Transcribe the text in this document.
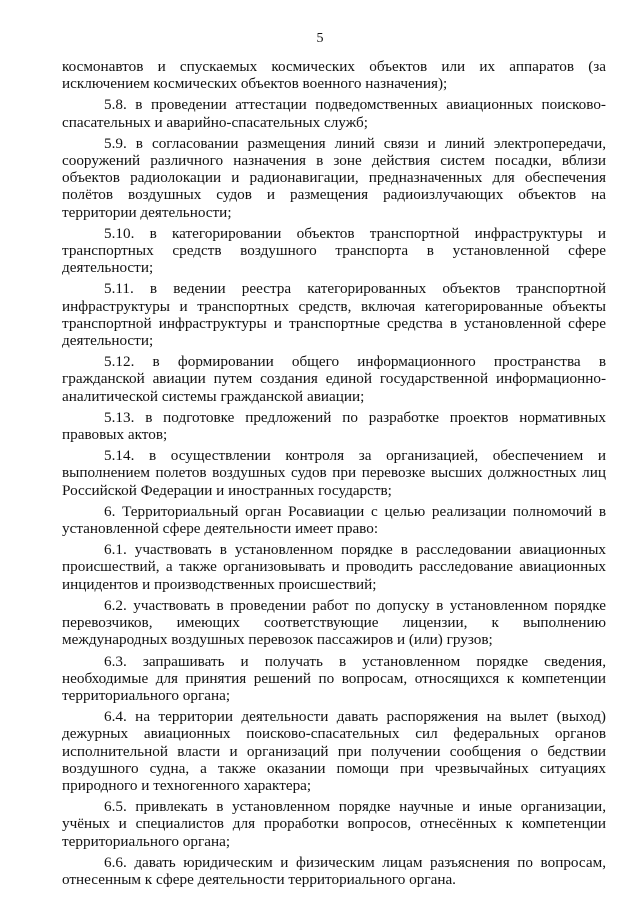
5

космонавтов и спускаемых космических объектов или их аппаратов (за исключением космических объектов военного назначения);

5.8. в проведении аттестации подведомственных авиационных поисково-спасательных и аварийно-спасательных служб;

5.9. в согласовании размещения линий связи и линий электропередачи, сооружений различного назначения в зоне действия систем посадки, вблизи объектов радиолокации и радионавигации, предназначенных для обеспечения полётов воздушных судов и размещения радиоизлучающих объектов на территории деятельности;

5.10. в категорировании объектов транспортной инфраструктуры и транспортных средств воздушного транспорта в установленной сфере деятельности;

5.11. в ведении реестра категорированных объектов транспортной инфраструктуры и транспортных средств, включая категорированные объекты транспортной инфраструктуры и транспортные средства в установленной сфере деятельности;

5.12. в формировании общего информационного пространства в гражданской авиации путем создания единой государственной информационно-аналитической системы гражданской авиации;

5.13. в подготовке предложений по разработке проектов нормативных правовых актов;

5.14. в осуществлении контроля за организацией, обеспечением и выполнением полетов воздушных судов при перевозке высших должностных лиц Российской Федерации и иностранных государств;

6. Территориальный орган Росавиации с целью реализации полномочий в установленной сфере деятельности имеет право:

6.1. участвовать в установленном порядке в расследовании авиационных происшествий, а также организовывать и проводить расследование авиационных инцидентов и производственных происшествий;

6.2. участвовать в проведении работ по допуску в установленном порядке перевозчиков, имеющих соответствующие лицензии, к выполнению международных воздушных перевозок пассажиров и (или) грузов;

6.3. запрашивать и получать в установленном порядке сведения, необходимые для принятия решений по вопросам, относящихся к компетенции территориального органа;

6.4. на территории деятельности давать распоряжения на вылет (выход) дежурных авиационных поисково-спасательных сил федеральных органов исполнительной власти и организаций при получении сообщения о бедствии воздушного судна, а также оказании помощи при чрезвычайных ситуациях природного и техногенного характера;

6.5. привлекать в установленном порядке научные и иные организации, учёных и специалистов для проработки вопросов, отнесённых к компетенции территориального органа;

6.6. давать юридическим и физическим лицам разъяснения по вопросам, отнесенным к сфере деятельности территориального органа.
